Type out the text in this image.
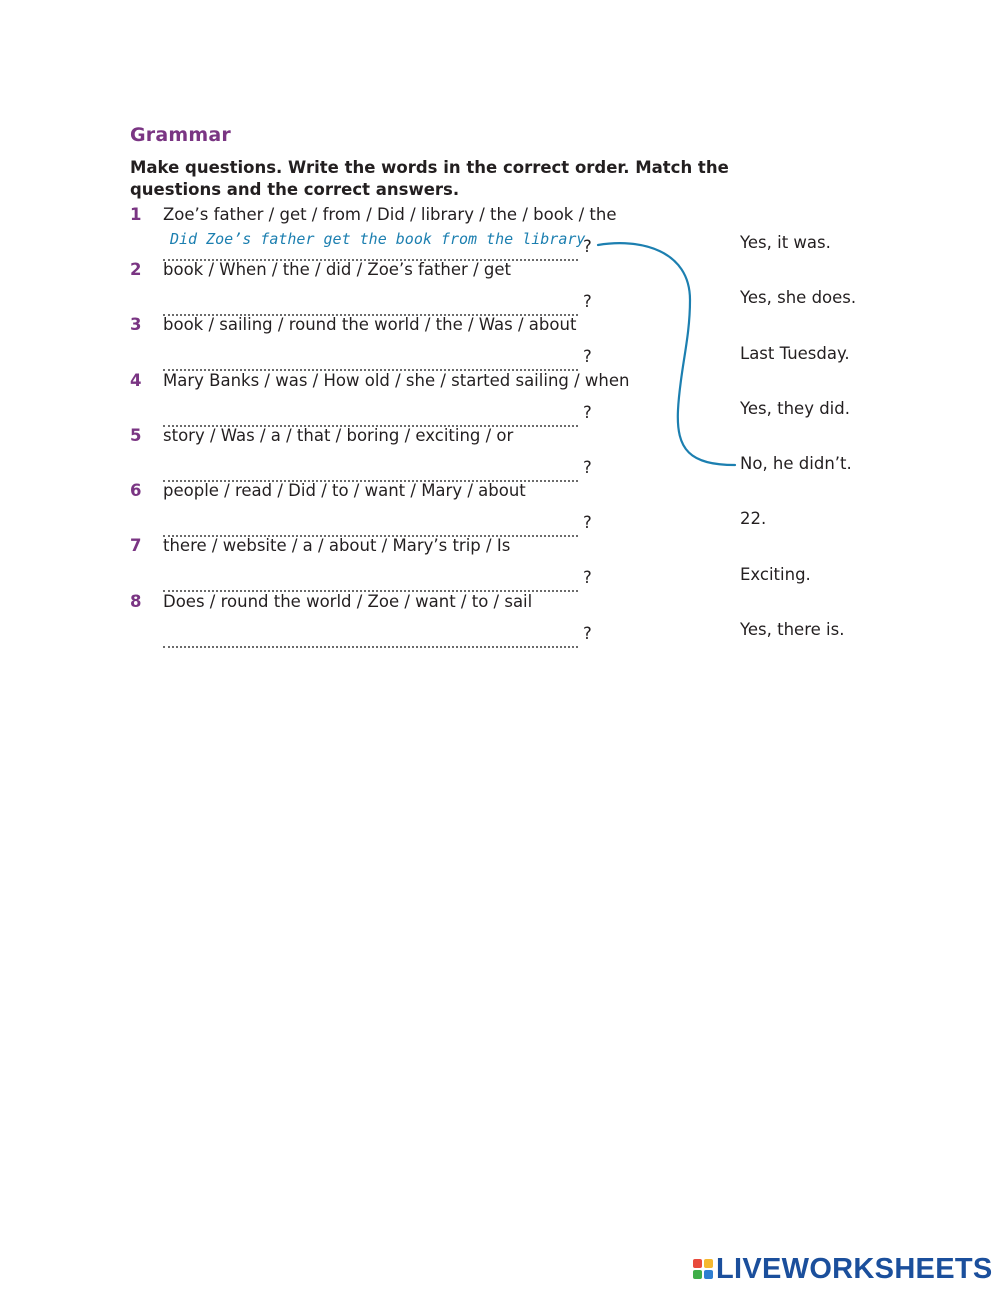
Grammar
Make questions. Write the words in the correct order. Match the questions and the correct answers.
1 Zoe’s father / get / from / Did / library / the / book / the
Did Zoe’s father get the book from the library
?
2 book / When / the / did / Zoe’s father / get
?
3 book / sailing / round the world / the / Was / about
?
4 Mary Banks / was / How old / she / started sailing / when
?
5 story / Was / a / that / boring / exciting / or
?
6 people / read / Did / to / want / Mary / about
?
7 there / website / a / about / Mary’s trip / Is
?
8 Does / round the world / Zoe / want / to / sail
?
Yes, it was.
Yes, she does.
Last Tuesday.
Yes, they did.
No, he didn’t.
22.
Exciting.
Yes, there is.
LIVEWORKSHEETS
